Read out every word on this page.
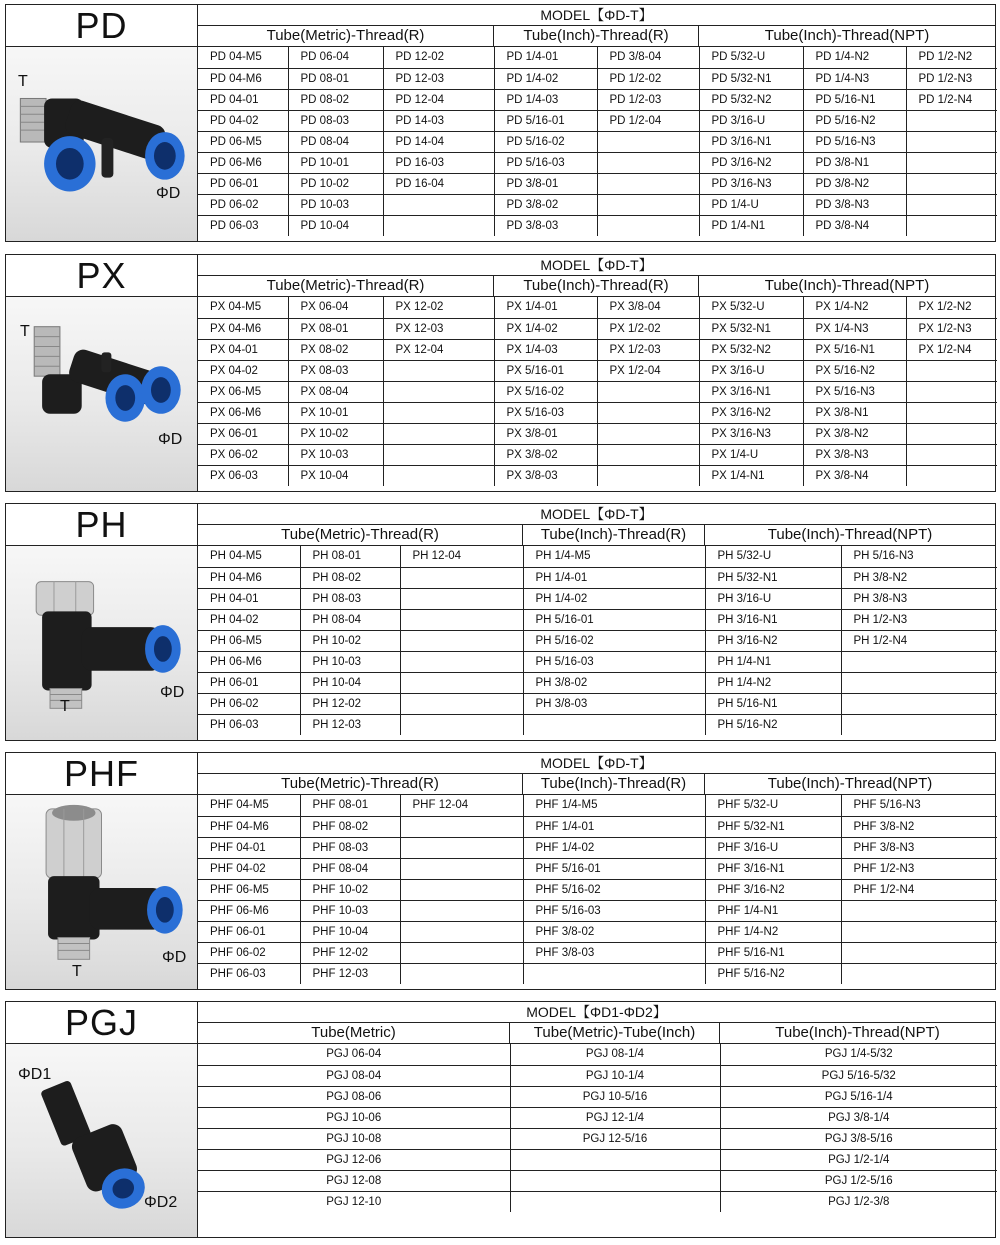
PD
T
ΦD
MODEL【ΦD-T】
Tube(Metric)-Thread(R)	Tube(Inch)-Thread(R)	Tube(Inch)-Thread(NPT)
PD 04-M5	PD 06-04	PD 12-02	PD 1/4-01	PD 3/8-04	PD 5/32-U	PD 1/4-N2	PD 1/2-N2
PD 04-M6	PD 08-01	PD 12-03	PD 1/4-02	PD 1/2-02	PD 5/32-N1	PD 1/4-N3	PD 1/2-N3
PD 04-01	PD 08-02	PD 12-04	PD 1/4-03	PD 1/2-03	PD 5/32-N2	PD 5/16-N1	PD 1/2-N4
PD 04-02	PD 08-03	PD 14-03	PD 5/16-01	PD 1/2-04	PD 3/16-U	PD 5/16-N2	
PD 06-M5	PD 08-04	PD 14-04	PD 5/16-02		PD 3/16-N1	PD 5/16-N3	
PD 06-M6	PD 10-01	PD 16-03	PD 5/16-03		PD 3/16-N2	PD 3/8-N1	
PD 06-01	PD 10-02	PD 16-04	PD 3/8-01		PD 3/16-N3	PD 3/8-N2	
PD 06-02	PD 10-03		PD 3/8-02		PD 1/4-U	PD 3/8-N3	
PD 06-03	PD 10-04		PD 3/8-03		PD 1/4-N1	PD 3/8-N4	
PX
T
ΦD
MODEL【ΦD-T】
Tube(Metric)-Thread(R)	Tube(Inch)-Thread(R)	Tube(Inch)-Thread(NPT)
PX 04-M5	PX 06-04	PX 12-02	PX 1/4-01	PX 3/8-04	PX 5/32-U	PX 1/4-N2	PX 1/2-N2
PX 04-M6	PX 08-01	PX 12-03	PX 1/4-02	PX 1/2-02	PX 5/32-N1	PX 1/4-N3	PX 1/2-N3
PX 04-01	PX 08-02	PX 12-04	PX 1/4-03	PX 1/2-03	PX 5/32-N2	PX 5/16-N1	PX 1/2-N4
PX 04-02	PX 08-03		PX 5/16-01	PX 1/2-04	PX 3/16-U	PX 5/16-N2	
PX 06-M5	PX 08-04		PX 5/16-02		PX 3/16-N1	PX 5/16-N3	
PX 06-M6	PX 10-01		PX 5/16-03		PX 3/16-N2	PX 3/8-N1	
PX 06-01	PX 10-02		PX 3/8-01		PX 3/16-N3	PX 3/8-N2	
PX 06-02	PX 10-03		PX 3/8-02		PX 1/4-U	PX 3/8-N3	
PX 06-03	PX 10-04		PX 3/8-03		PX 1/4-N1	PX 3/8-N4	
PH
T
ΦD
MODEL【ΦD-T】
Tube(Metric)-Thread(R)	Tube(Inch)-Thread(R)	Tube(Inch)-Thread(NPT)
PH 04-M5	PH 08-01	PH 12-04	PH 1/4-M5	PH 5/32-U	PH 5/16-N3
PH 04-M6	PH 08-02		PH 1/4-01	PH 5/32-N1	PH 3/8-N2
PH 04-01	PH 08-03		PH 1/4-02	PH 3/16-U	PH 3/8-N3
PH 04-02	PH 08-04		PH 5/16-01	PH 3/16-N1	PH 1/2-N3
PH 06-M5	PH 10-02		PH 5/16-02	PH 3/16-N2	PH 1/2-N4
PH 06-M6	PH 10-03		PH 5/16-03	PH 1/4-N1	
PH 06-01	PH 10-04		PH 3/8-02	PH 1/4-N2	
PH 06-02	PH 12-02		PH 3/8-03	PH 5/16-N1	
PH 06-03	PH 12-03			PH 5/16-N2	
PHF
T
ΦD
MODEL【ΦD-T】
Tube(Metric)-Thread(R)	Tube(Inch)-Thread(R)	Tube(Inch)-Thread(NPT)
PHF 04-M5	PHF 08-01	PHF 12-04	PHF 1/4-M5	PHF 5/32-U	PHF 5/16-N3
PHF 04-M6	PHF 08-02		PHF 1/4-01	PHF 5/32-N1	PHF 3/8-N2
PHF 04-01	PHF 08-03		PHF 1/4-02	PHF 3/16-U	PHF 3/8-N3
PHF 04-02	PHF 08-04		PHF 5/16-01	PHF 3/16-N1	PHF 1/2-N3
PHF 06-M5	PHF 10-02		PHF 5/16-02	PHF 3/16-N2	PHF 1/2-N4
PHF 06-M6	PHF 10-03		PHF 5/16-03	PHF 1/4-N1	
PHF 06-01	PHF 10-04		PHF 3/8-02	PHF 1/4-N2	
PHF 06-02	PHF 12-02		PHF 3/8-03	PHF 5/16-N1	
PHF 06-03	PHF 12-03			PHF 5/16-N2	
PGJ
ΦD1
ΦD2
MODEL【ΦD1-ΦD2】
Tube(Metric)	Tube(Metric)-Tube(Inch)	Tube(Inch)-Thread(NPT)
PGJ 06-04	PGJ 08-1/4	PGJ 1/4-5/32
PGJ 08-04	PGJ 10-1/4	PGJ 5/16-5/32
PGJ 08-06	PGJ 10-5/16	PGJ 5/16-1/4
PGJ 10-06	PGJ 12-1/4	PGJ 3/8-1/4
PGJ 10-08	PGJ 12-5/16	PGJ 3/8-5/16
PGJ 12-06		PGJ 1/2-1/4
PGJ 12-08		PGJ 1/2-5/16
PGJ 12-10		PGJ 1/2-3/8
